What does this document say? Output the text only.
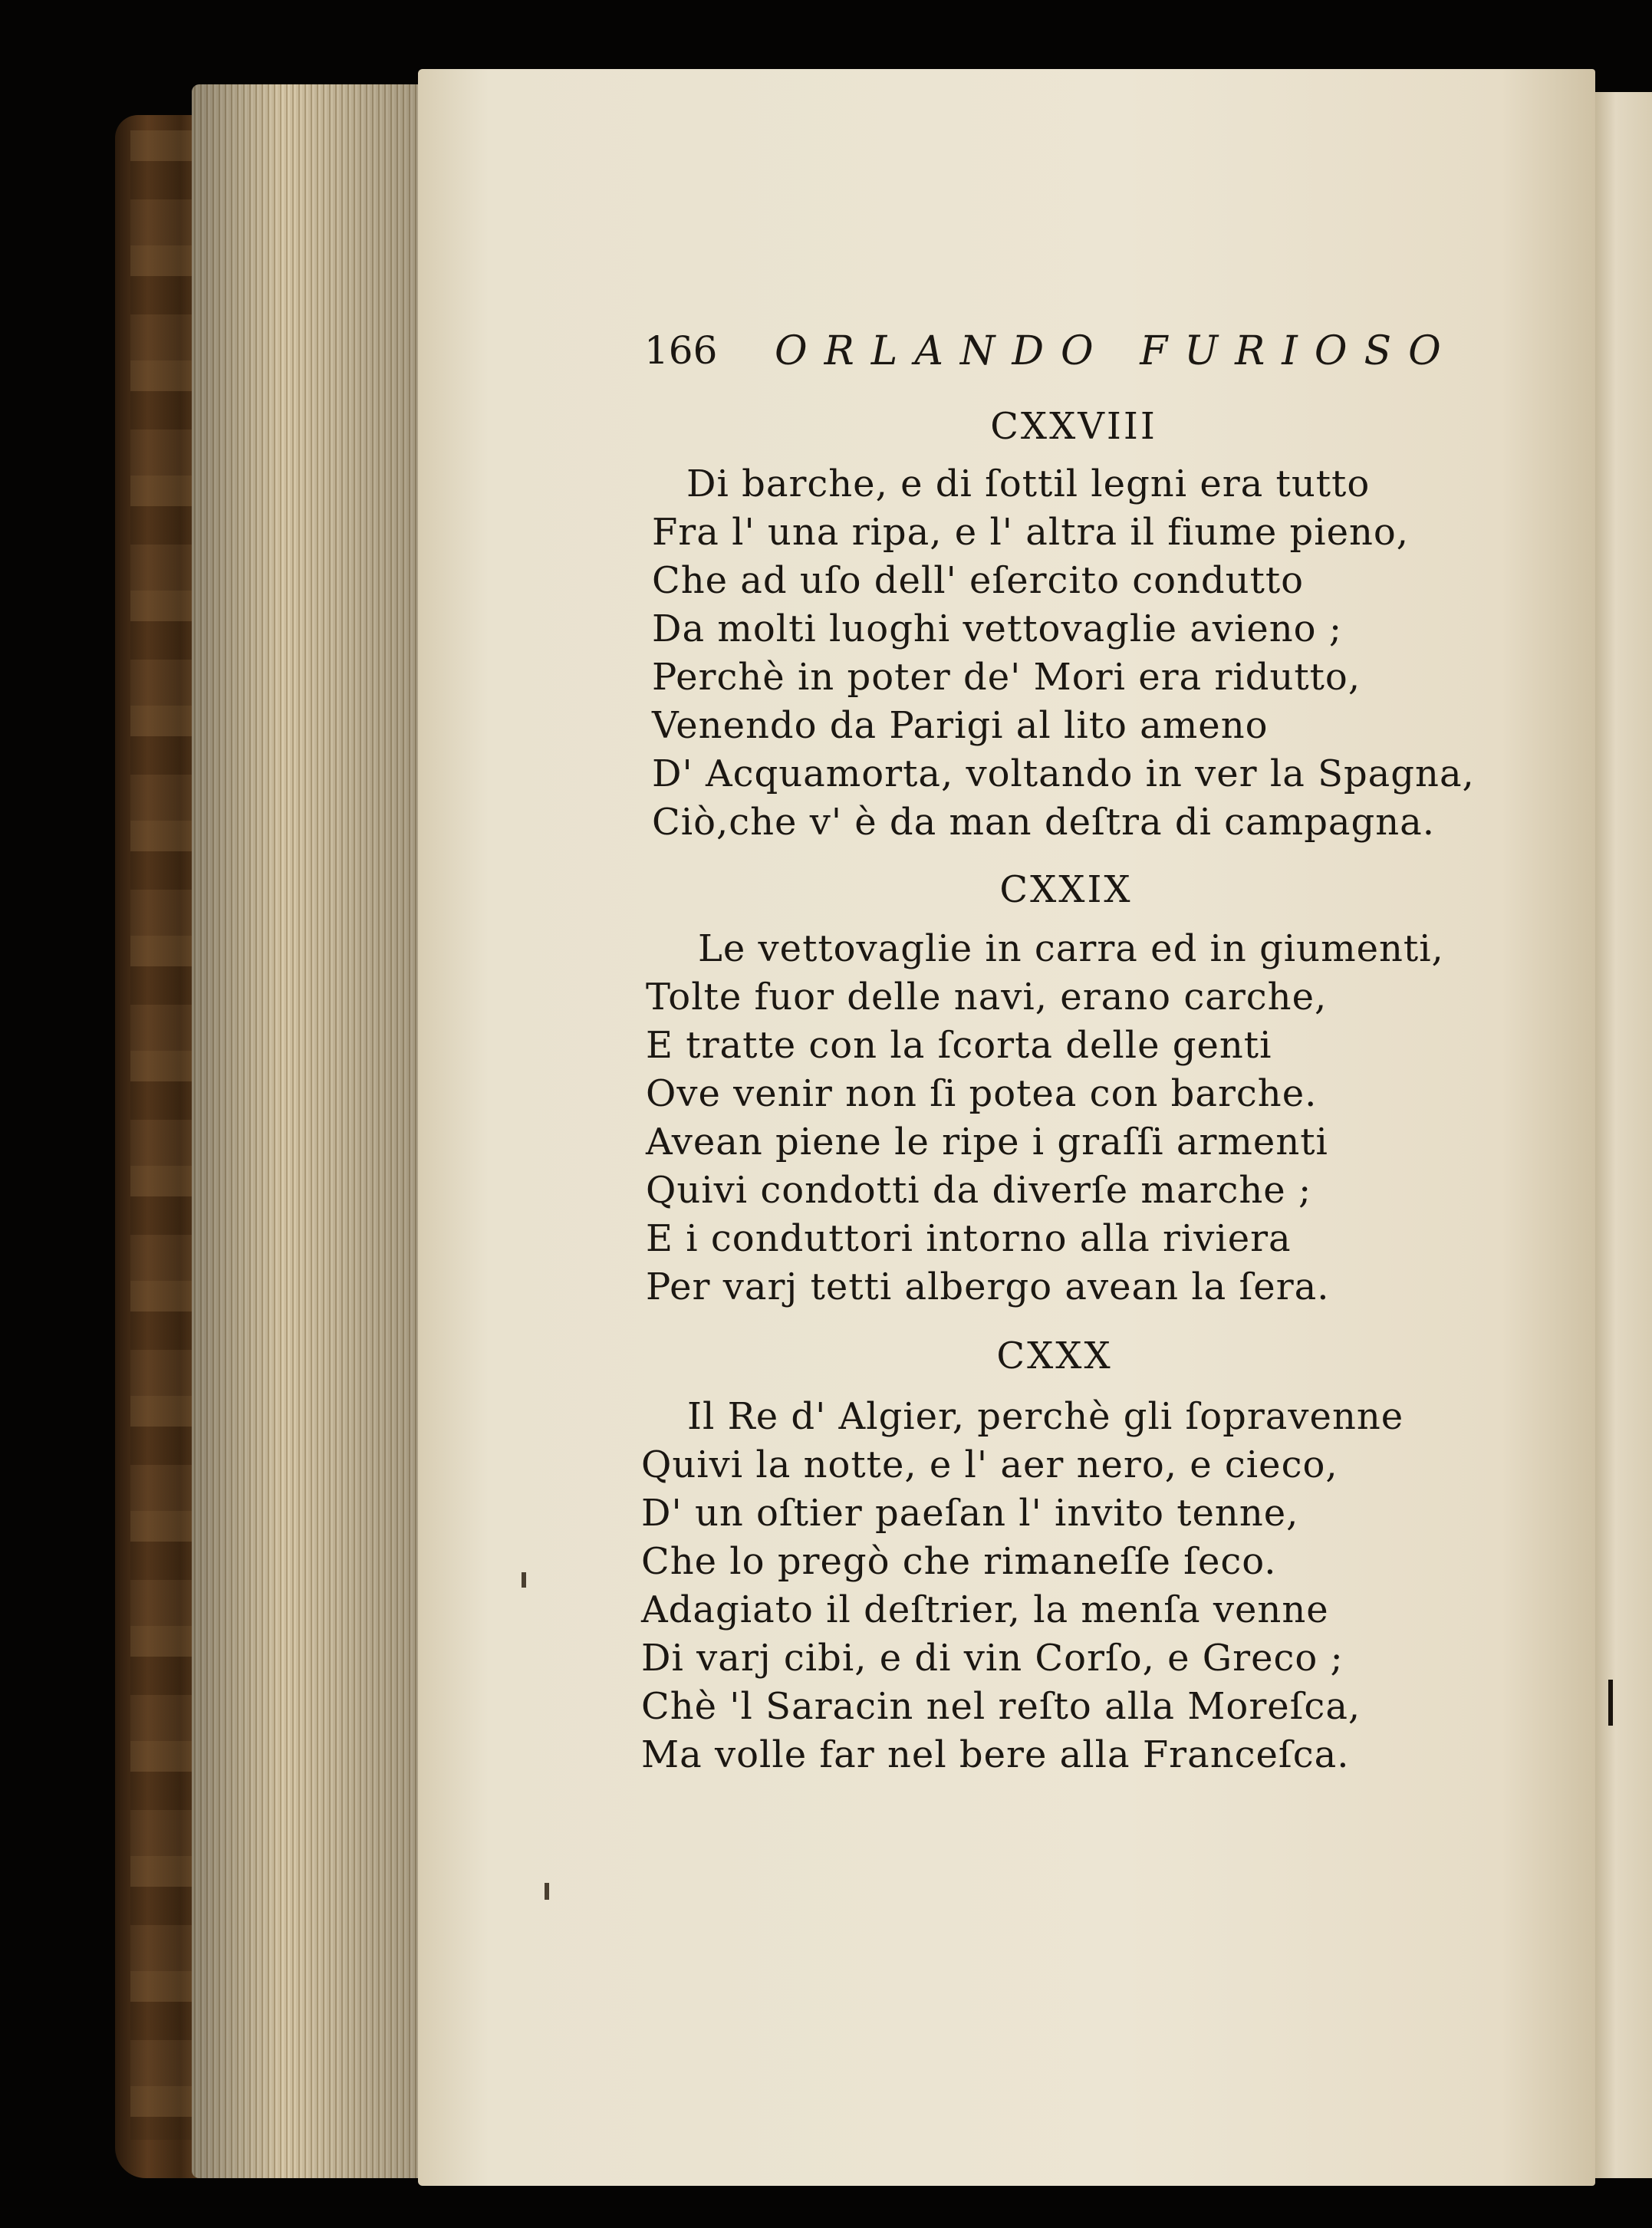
166 ORLANDO FURIOSO
CXXVIII
Di barche, e di ſottil legni era tutto
Fra l' una ripa, e l' altra il fiume pieno,
Che ad uſo dell' eſercito condutto
Da molti luoghi vettovaglie avieno ;
Perchè in poter de' Mori era ridutto,
Venendo da Parigi al lito ameno
D' Acquamorta, voltando in ver la Spagna,
Ciò,che v' è da man deſtra di campagna.
CXXIX
Le vettovaglie in carra ed in giumenti,
Tolte fuor delle navi, erano carche,
E tratte con la ſcorta delle genti
Ove venir non ſi potea con barche.
Avean piene le ripe i graſſi armenti
Quivi condotti da diverſe marche ;
E i conduttori intorno alla riviera
Per varj tetti albergo avean la ſera.
CXXX
Il Re d' Algier, perchè gli ſopravenne
Quivi la notte, e l' aer nero, e cieco,
D' un oſtier paeſan l' invito tenne,
Che lo pregò che rimaneſſe ſeco.
Adagiato il deſtrier, la menſa venne
Di varj cibi, e di vin Corſo, e Greco ;
Chè 'l Saracin nel reſto alla Moreſca,
Ma volle far nel bere alla Franceſca.
